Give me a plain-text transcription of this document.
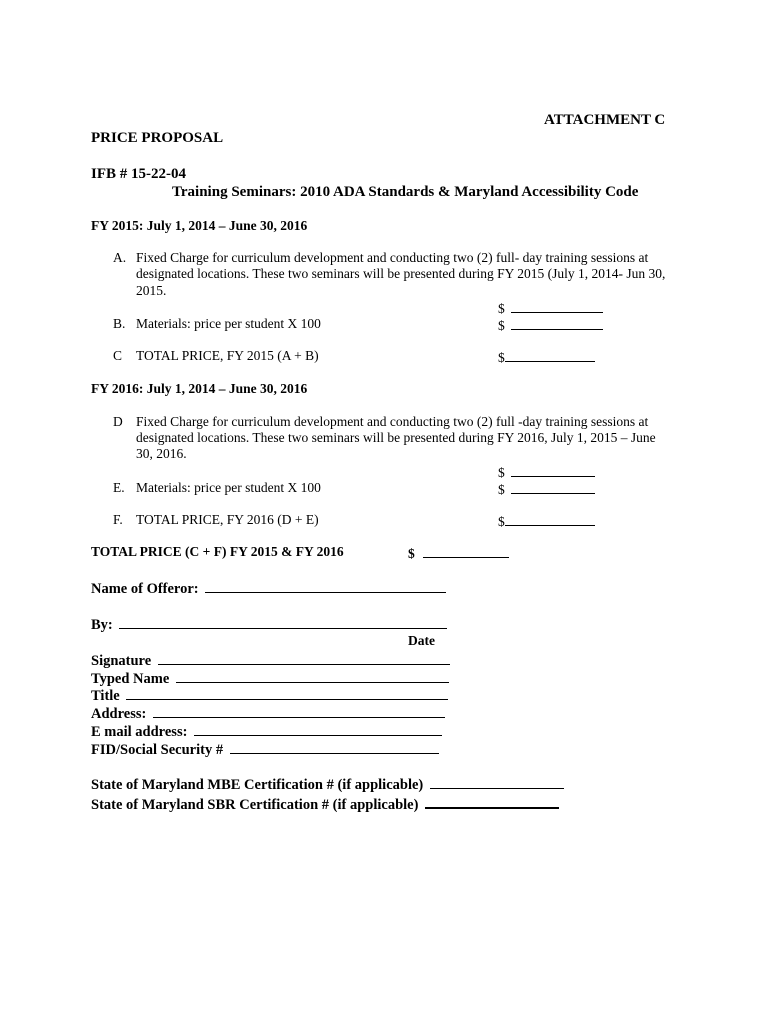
ATTACHMENT C
PRICE PROPOSAL
IFB # 15-22-04
Training Seminars: 2010 ADA Standards & Maryland Accessibility Code
FY 2015: July 1, 2014 – June 30, 2016
A. Fixed Charge for curriculum development and conducting two (2) full- day training sessions at
designated locations. These two seminars will be presented during FY 2015 (July 1, 2014- Jun 30,
2015.
$
B. Materials: price per student X 100	$
C TOTAL PRICE, FY 2015 (A + B)	$
FY 2016: July 1, 2014 – June 30, 2016
D Fixed Charge for curriculum development and conducting two (2) full -day training sessions at
designated locations. These two seminars will be presented during FY 2016, July 1, 2015 – June
30, 2016.
$
E. Materials: price per student X 100	$
F. TOTAL PRICE, FY 2016 (D + E)	$
TOTAL PRICE (C + F) FY 2015 & FY 2016	$
Name of Offeror:
By:
Date
Signature
Typed Name
Title
Address:
E mail address:
FID/Social Security #
State of Maryland MBE Certification # (if applicable)
State of Maryland SBR Certification # (if applicable)
